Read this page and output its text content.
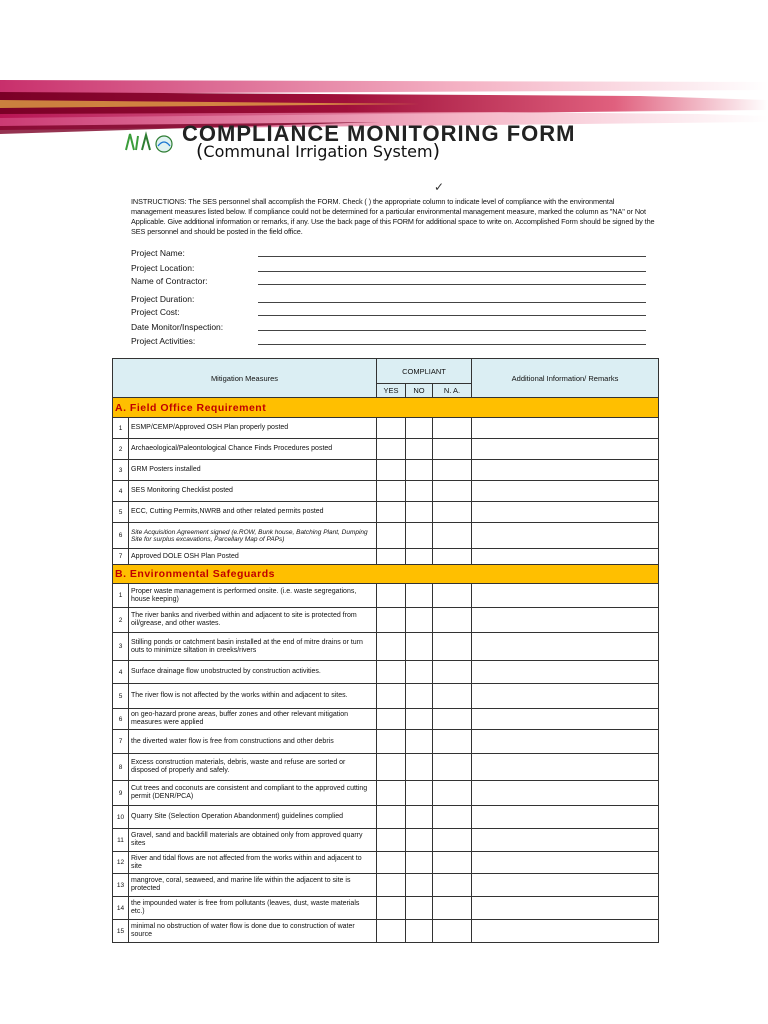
COMPLIANCE MONITORING FORM
(Communal Irrigation System)
✓
INSTRUCTIONS: The SES personnel shall accomplish the FORM. Check ( ) the appropriate column to indicate level of compliance with the environmental management measures listed below. If compliance could not be determined for a particular environmental management measure, marked the column as "NA" or Not Applicable. Give additional information or remarks, if any. Use the back page of this FORM for additional space to write on. Accomplished Form should be signed by the SES personnel and should be posted in the field office.
Project Name:
Project Location:
Name of Contractor:
Project Duration:
Project Cost:
Date Monitor/Inspection:
Project Activities:
Mitigation Measures		COMPLIANT			Additional Information/ Remarks
		YES	NO	N. A.	
A. Field Office Requirement					
1	ESMP/CEMP/Approved OSH Plan properly posted				
2	Archaeological/Paleontological Chance Finds Procedures posted				
3	GRM Posters installed				
4	SES Monitoring Checklist posted				
5	ECC, Cutting Permits,NWRB and other related permits posted				
6	Site Acquisition Agreement signed (e.ROW, Bunk house, Batching Plant, Dumping Site for surplus excavations, Parcellary Map of PAPs)				
7	Approved DOLE OSH Plan Posted				
B. Environmental Safeguards					
1	Proper waste management is performed onsite. (i.e. waste segregations, house keeping)				
2	The river banks and riverbed within and adjacent to site is protected from oil/grease, and other wastes.				
3	Stilling ponds or catchment basin installed at the end of mitre drains or turn outs to minimize siltation in creeks/rivers				
4	Surface drainage flow unobstructed by construction activities.				
5	The river flow is not affected by the works within and adjacent to sites.				
6	on geo-hazard prone areas, buffer zones and other relevant mitigation measures were applied				
7	the diverted water flow is free from constructions and other debris				
8	Excess construction materials, debris, waste and refuse are sorted or disposed of properly and safely.				
9	Cut trees and coconuts are consistent and compliant to the approved cutting permit (DENR/PCA)				
10	Quarry Site (Selection Operation Abandonment) guidelines complied				
11	Gravel, sand and backfill materials are obtained only from approved quarry sites				
12	River and tidal flows are not affected from the works within and adjacent to site				
13	mangrove, coral, seaweed, and marine life within the adjacent to site is protected				
14	the impounded water is free from pollutants (leaves, dust, waste materials etc.)				
15	minimal no obstruction of water flow is done due to construction of water source				
